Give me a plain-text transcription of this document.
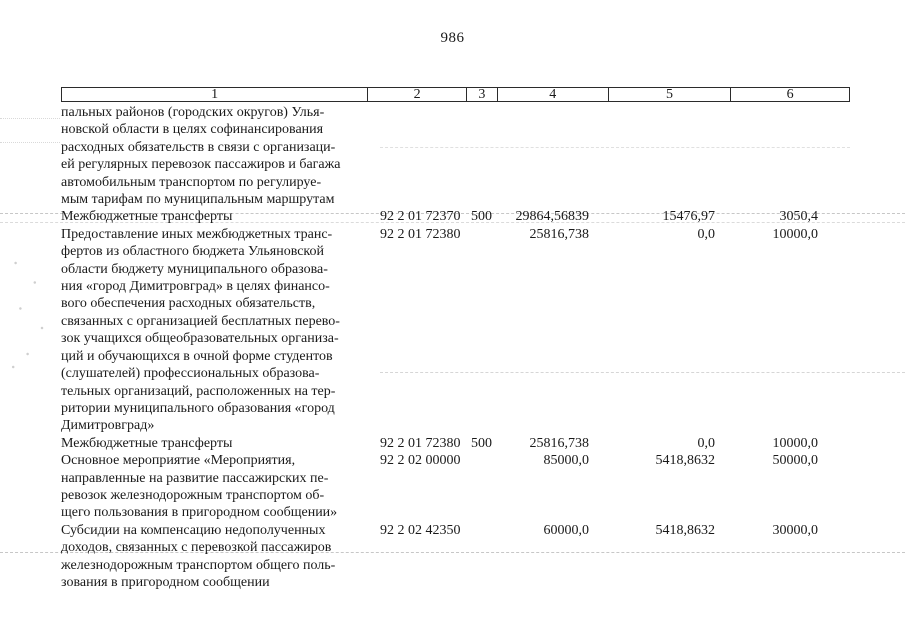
986
1	2	3	4	5	6
пальных районов (городских округов) Улья-
новской области в целях софинансирования
расходных обязательств в связи с организаци-
ей регулярных перевозок пассажиров и багажа
автомобильным транспортом по регулируе-
мым тарифам по муниципальным маршрутам
Межбюджетные трансферты	92 2 01 72370 500	29864,56839	15476,97	3050,4
Предоставление иных межбюджетных транс-
фертов из областного бюджета Ульяновской
области бюджету муниципального образова-
ния «город Димитровград» в целях финансо-
вого обеспечения расходных обязательств,
связанных с организацией бесплатных перево-
зок учащихся общеобразовательных организа-
ций и обучающихся в очной форме студентов
(слушателей) профессиональных образова-
тельных организаций, расположенных на тер-
ритории муниципального образования «город
Димитровград»
92 2 01 72380	25816,738	0,0	10000,0
Межбюджетные трансферты	92 2 01 72380 500	25816,738	0,0	10000,0
Основное мероприятие «Мероприятия,
направленные на развитие пассажирских пе-
ревозок железнодорожным транспортом об-
щего пользования в пригородном сообщении»
92 2 02 00000	85000,0	5418,8632	50000,0
Субсидии на компенсацию недополученных
доходов, связанных с перевозкой пассажиров
железнодорожным транспортом общего поль-
зования в пригородном сообщении
92 2 02 42350	60000,0	5418,8632	30000,0
